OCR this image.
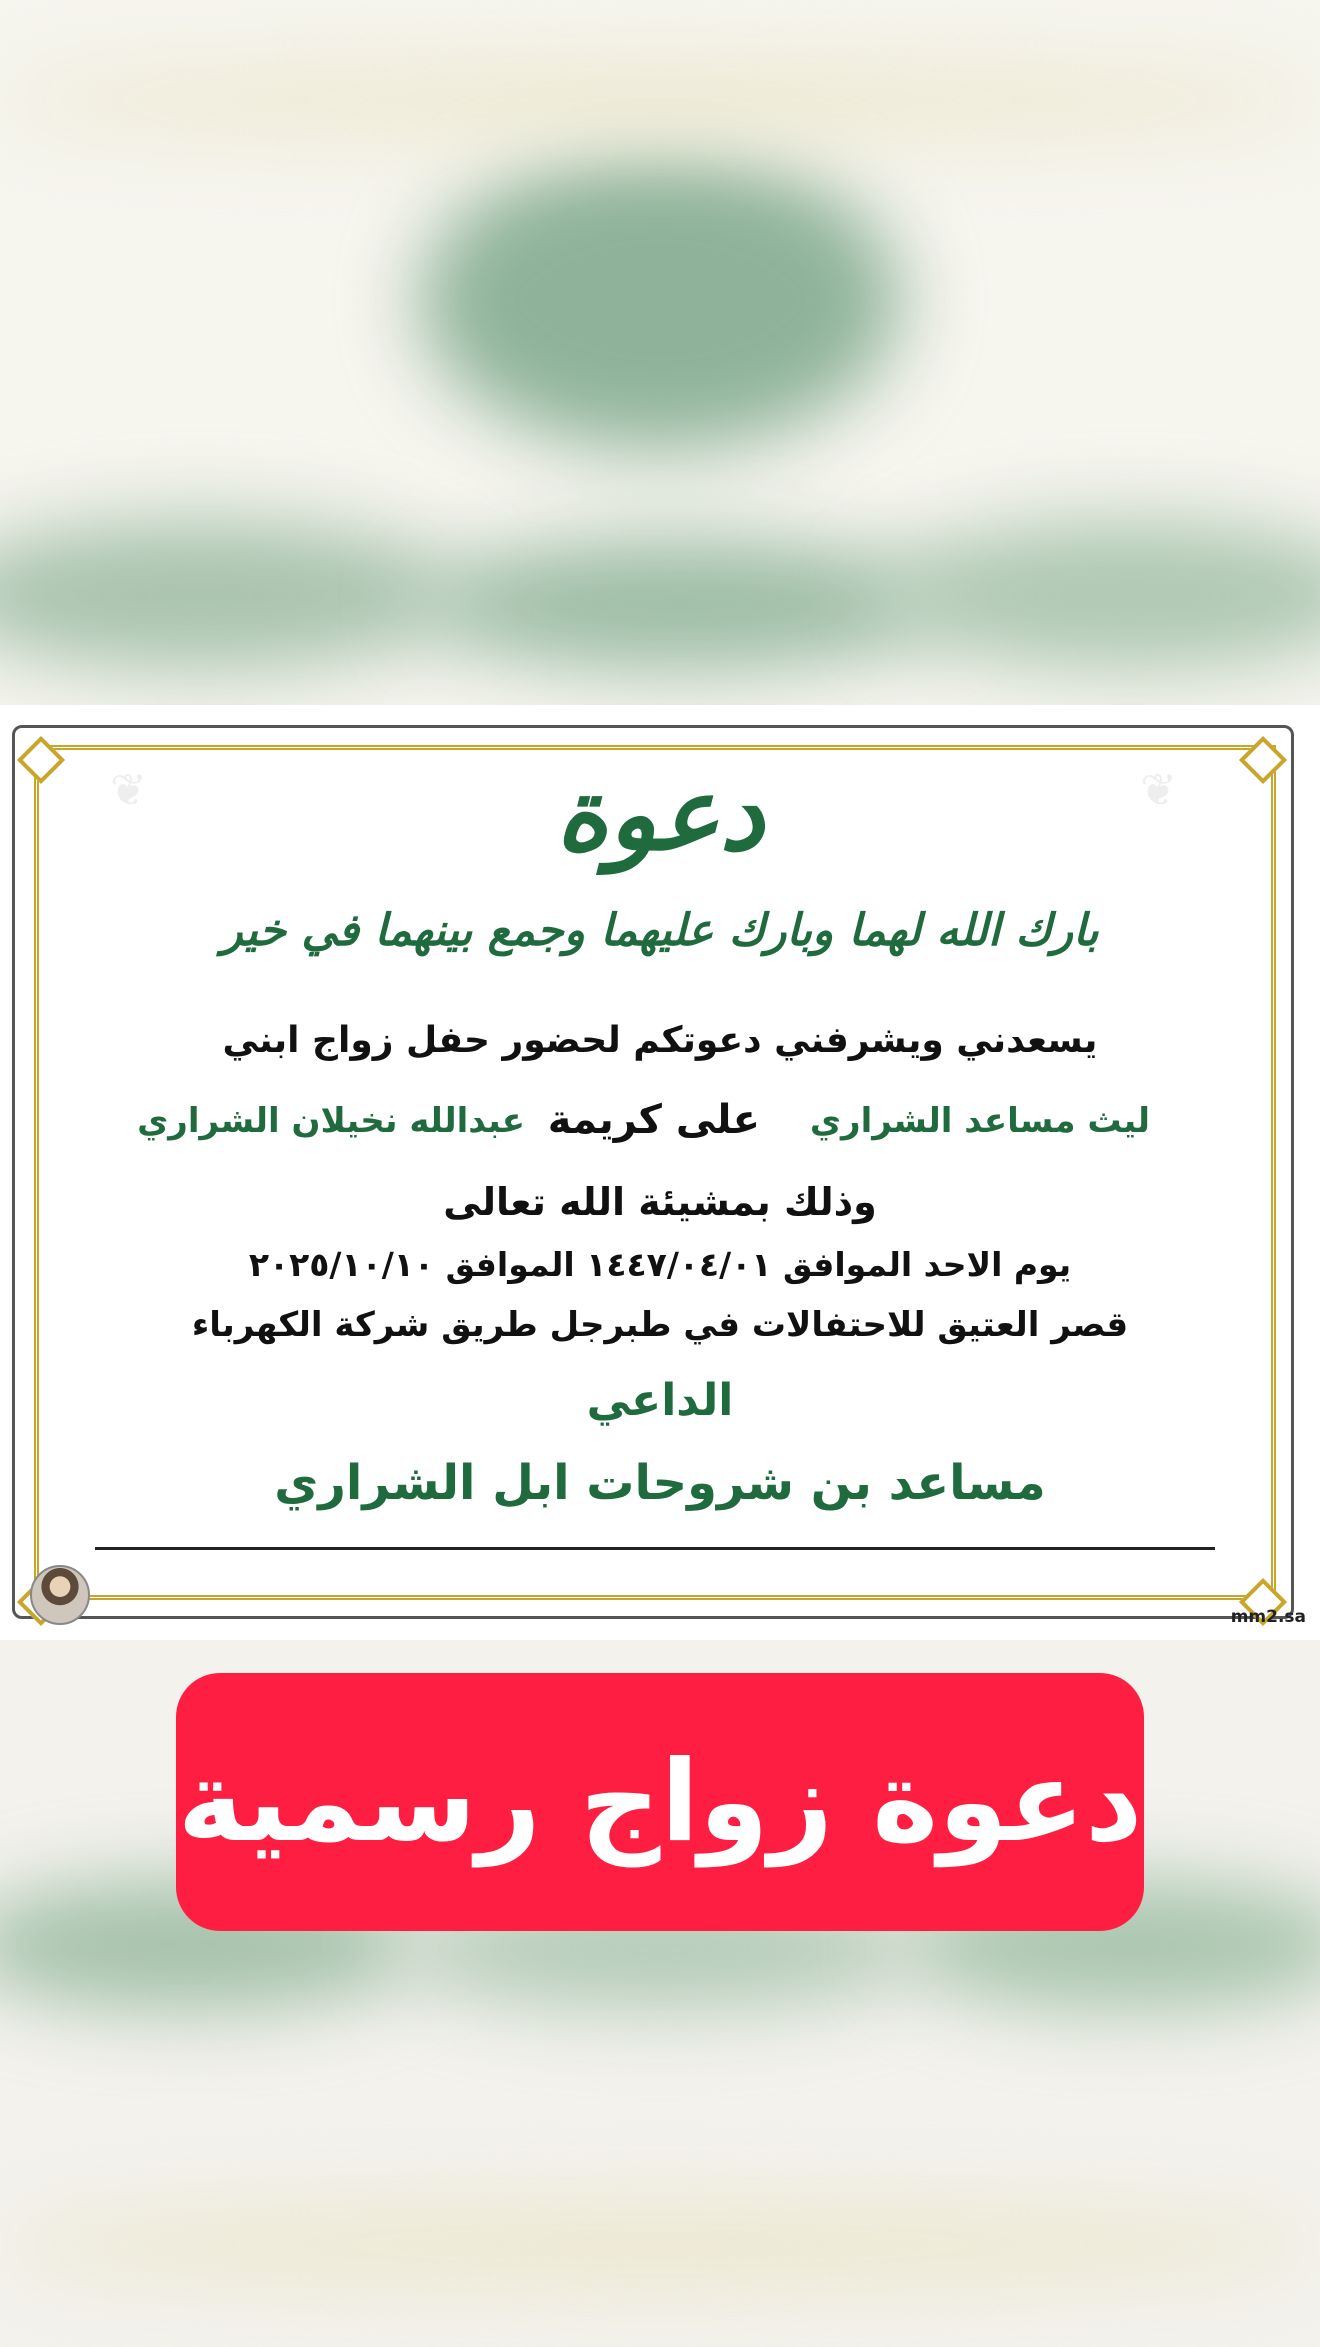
❦	❦
دعوة
بارك الله لهما وبارك عليهما وجمع بينهما في خير
يسعدني ويشرفني دعوتكم لحضور حفل زواج ابني
ليث مساعد الشراري
على كريمة
عبدالله نخيلان الشراري
وذلك بمشيئة الله تعالى
يوم الاحد الموافق ١٤٤٧/٠٤/٠١ الموافق ٢٠٢٥/١٠/١٠
قصر العتيق للاحتفالات في طبرجل طريق شركة الكهرباء
الداعي
مساعد بن شروحات ابل الشراري
mm2.sa
دعوة زواج رسمية
